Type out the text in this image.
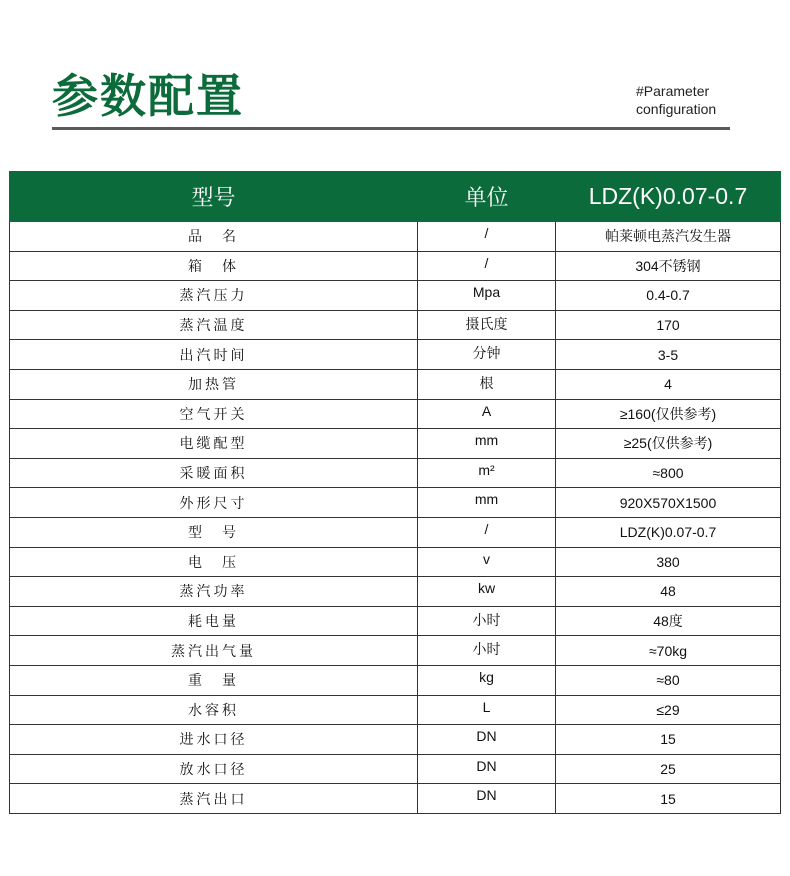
参数配置	#Parameter
configuration
型号	单位	LDZ(K)0.07-0.7
品　名	/	帕莱顿电蒸汽发生器
箱　体	/	304不锈钢
蒸汽压力	Mpa	0.4-0.7
蒸汽温度	摄氏度	170
出汽时间	分钟	3-5
加热管	根	4
空气开关	A	≥160(仅供参考)
电缆配型	mm	≥25(仅供参考)
采暖面积	m²	≈800
外形尺寸	mm	920X570X1500
型　号	/	LDZ(K)0.07-0.7
电　压	v	380
蒸汽功率	kw	48
耗电量	小时	48度
蒸汽出气量	小时	≈70kg
重　量	kg	≈80
水容积	L	≤29
进水口径	DN	15
放水口径	DN	25
蒸汽出口	DN	15
